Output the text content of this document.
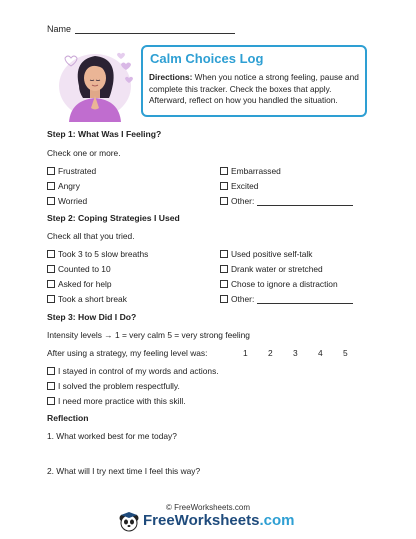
Name
Calm Choices Log
Directions: When you notice a strong feeling, pause and complete this tracker. Check the boxes that apply. Afterward, reflect on how you handled the situation.
Step 1: What Was I Feeling?
Check one or more.
Frustrated
Angry
Worried
Embarrassed
Excited
Other:
Step 2: Coping Strategies I Used
Check all that you tried.
Took 3 to 5 slow breaths
Counted to 10
Asked for help
Took a short break
Used positive self-talk
Drank water or stretched
Chose to ignore a distraction
Other:
Step 3: How Did I Do?
Intensity levels → 1 = very calm 5 = very strong feeling
After using a strategy, my feeling level was:	1 2 3 4 5
I stayed in control of my words and actions.
I solved the problem respectfully.
I need more practice with this skill.
Reflection
1. What worked best for me today?
2. What will I try next time I feel this way?
© FreeWorksheets.com
FreeWorksheets.com
